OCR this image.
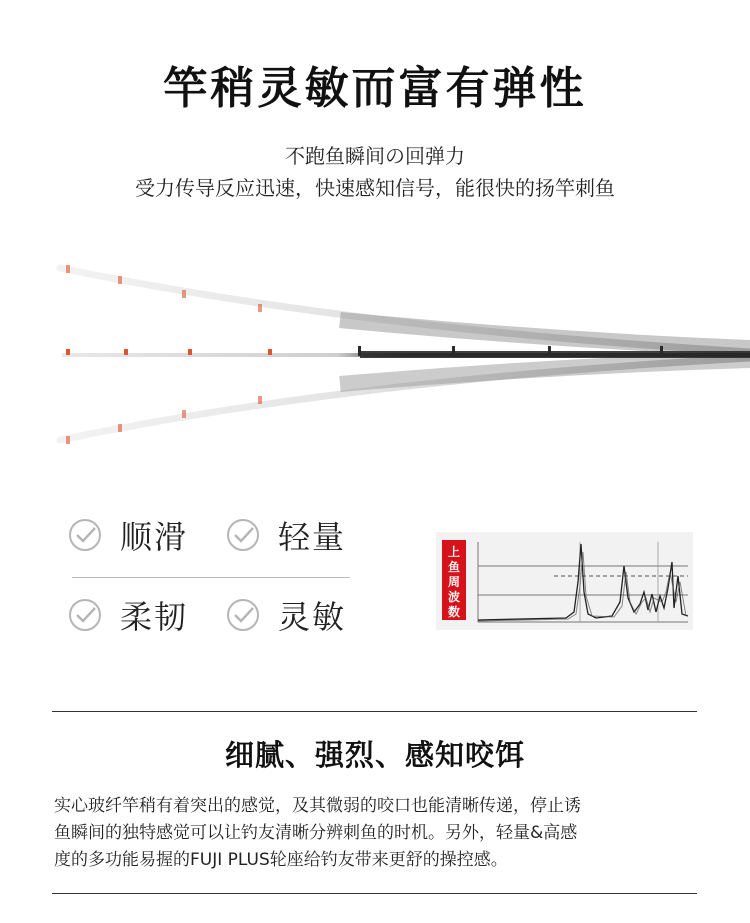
竿稍灵敏而富有弹性
不跑鱼瞬间の回弹力
受力传导反应迅速，快速感知信号，能很快的扬竿刺鱼
顺滑	轻量
柔韧	灵敏
上
鱼
周
波
数
细腻、强烈、感知咬饵
实心玻纤竿稍有着突出的感觉，及其微弱的咬口也能清晰传递，停止诱
鱼瞬间的独特感觉可以让钓友清晰分辨刺鱼的时机。另外，轻量&高感
度的多功能易握的FUJI PLUS轮座给钓友带来更舒的操控感。
